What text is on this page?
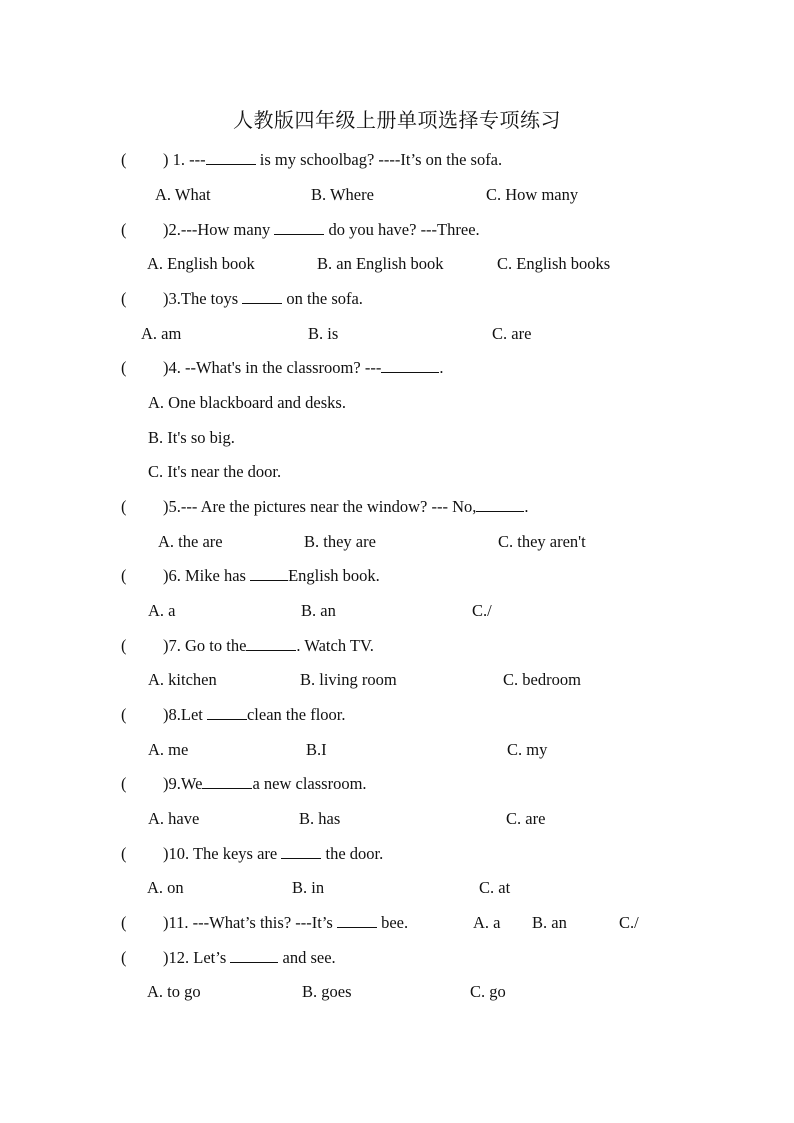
人教版四年级上册单项选择专项练习
( ) 1. ---	is my schoolbag? ----It’s on the sofa.
A. What	B. Where	C. How many
( )2.---How many	do you have? ---Three.
A. English book	B. an English book	C. English books
( )3.The toys  on the sofa.
A. am	B. is	C. are
( )4. --What's in the classroom? ---	.
A. One blackboard and desks.
B. It's so big.
C. It's near the door.
( )5.--- Are the pictures near the window? --- No,	.
A. the are	B. they are	C. they aren't
( )6. Mike has English book.
A. a	B. an	C./
( )7. Go to the	. Watch TV.
A. kitchen	B. living room	C. bedroom
( )8.Let clean the floor.
A. me	B.I	C. my
( )9.We	a new classroom.
A. have	B. has	C. are
( )10. The keys are  the door.
A. on	B. in	C. at
( )11. ---What’s this? ---It’s  bee.	A. a B. an	C./
( )12. Let’s	and see.
A. to go	B. goes	C. go
